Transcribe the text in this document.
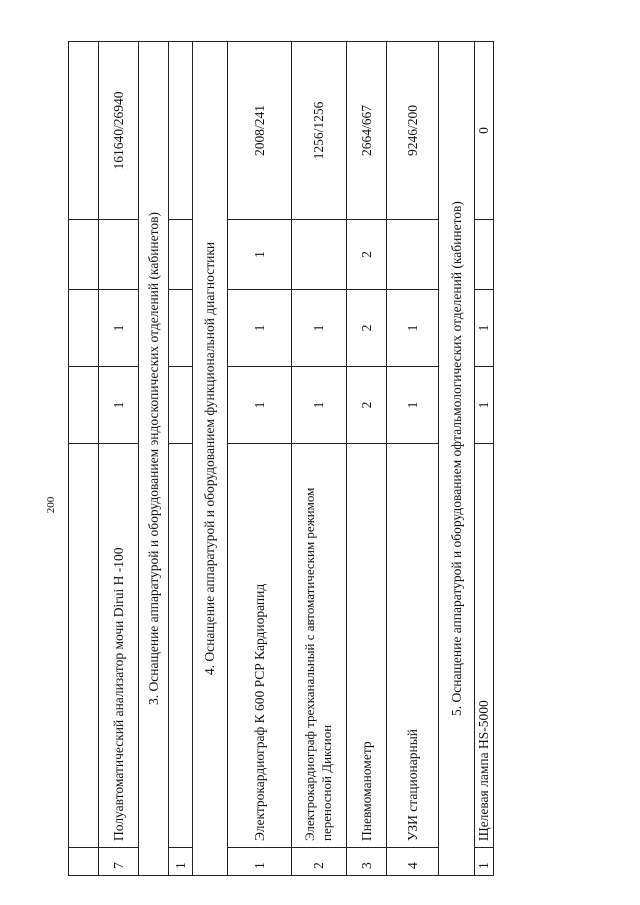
200

7	Полуавтоматический анализатор мочи Dirui H -100	1	1		161640/26940
3. Оснащение аппаратурой и оборудованием эндоскопических отделений (кабинетов)					
1					
4. Оснащение аппаратурой и оборудованием функциональной диагностики					
1	Электрокардиограф К 600 РСР Кардиорапид	1	1	1	2008/241
2	Электрокардиограф трехканальный с автоматическим режимом переносной Диксион	1	1		1256/1256
3	Пневмоманометр	2	2	2	2664/667
4	УЗИ стационарный	1	1		9246/200
5. Оснащение аппаратурой и оборудованием офтальмологических отделений (кабинетов)					
1	Щелевая лампа HS-5000	1	1		0
